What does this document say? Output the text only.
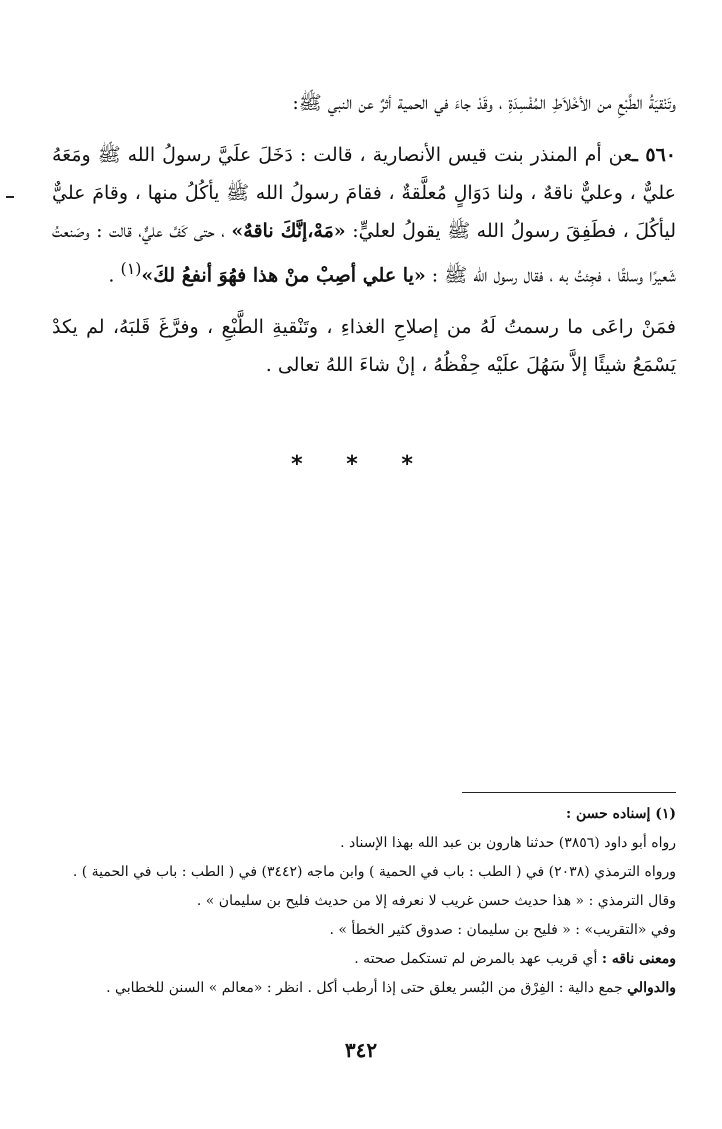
وتَنْقيَةُ الطَّبْعِ من الأخْلاَطِ المُفْسِدَةِ ، وقَدْ جاءَ في الحمية أثرٌ عن النبي ﷺ:

٥٦٠ ـعن أم المنذر بنت قيس الأنصارية ، قالت : دَخَلَ علَيَّ رسولُ الله ﷺ ومَعَهُ عليٌّ ، وعليٌّ ناقهٌ ، ولنا دَوَالٍ مُعلَّقةٌ ، فقامَ رسولُ الله ﷺ يأكُلُ منها ، وقامَ عليٌّ ليأكُلَ ، فطَفِقَ رسولُ الله ﷺ يقولُ لعليٍّ: «مَهْ،إنَّكَ ناقهٌ» ، حتى كَفَّ عليٌّ، قالت : وصَنعتُ شَعيرًا وسلقًا ، فجِئتُ به ، فقال رسول الله ﷺ : «يا علي أصِبْ منْ هذا فهُوَ أنفعُ لكَ»$^{(١)}$ .

فمَنْ راعَى ما رسمتُ لَهُ من إصلاحِ الغذاءِ ، وتَنْقيةِ الطَّبْعِ ، وفرَّغَ قَلبَهُ، لم يكدْ يَسْمَعُ شيئًا إلاَّ سَهُلَ علَيْه حِفْظُهُ ، إنْ شاءَ اللهُ تعالى .

* * *

(١) إسناده حسن :

رواه أبو داود (٣٨٥٦) حدثنا هارون بن عبد الله بهذا الإسناد .

ورواه الترمذي (٢٠٣٨) في ( الطب : باب في الحمية ) وابن ماجه (٣٤٤٢) في ( الطب : باب في الحمية ) .

وقال الترمذي : « هذا حديث حسن غريب لا نعرفه إلا من حديث فليح بن سليمان » .

وفي «التقريب» : « فليح بن سليمان : صدوق كثير الخطأ » .

ومعنى ناقه : أي قريب عهد بالمرض لم تستكمل صحته .

والدوالي جمع دالية : الفِرْق من البُسر يعلق حتى إذا أرطب أكل . انظر : «معالم » السنن للخطابي .

٣٤٢
